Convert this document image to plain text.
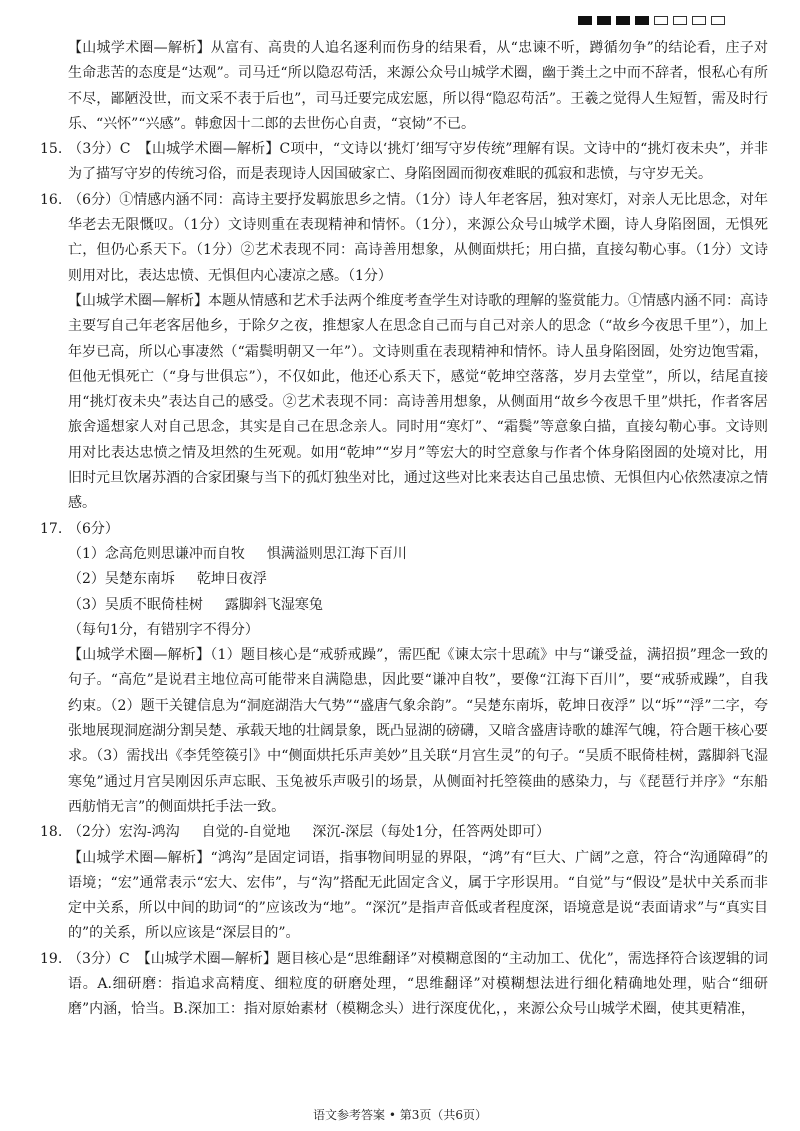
【山城学术圈—解析】从富有、高贵的人追名逐利而伤身的结果看，从“忠谏不听，蹲循勿争”的结论看，庄子对生命悲苦的态度是“达观”。司马迁“所以隐忍苟活，来源公众号山城学术圈，幽于粪土之中而不辞者，恨私心有所不尽，鄙陋没世，而文采不表于后也”，司马迁要完成宏愿，所以得“隐忍苟活”。王羲之觉得人生短暂，需及时行乐、“兴怀”“兴感”。韩愈因十二郎的去世伤心自责，“哀恸”不已。

15. （3分）C　【山城学术圈—解析】C项中，“文诗以‘挑灯’细写守岁传统”理解有误。文诗中的“挑灯夜未央”，并非为了描写守岁的传统习俗，而是表现诗人因国破家亡、身陷囹圄而彻夜难眠的孤寂和悲愤，与守岁无关。

16. （6分）①情感内涵不同：高诗主要抒发羁旅思乡之情。（1分）诗人年老客居，独对寒灯，对亲人无比思念，对年华老去无限慨叹。（1分）文诗则重在表现精神和情怀。（1分），来源公众号山城学术圈，诗人身陷囹圄，无惧死亡，但仍心系天下。（1分）②艺术表现不同：高诗善用想象，从侧面烘托；用白描，直接勾勒心事。（1分）文诗则用对比，表达忠愤、无惧但内心凄凉之感。（1分）

【山城学术圈—解析】本题从情感和艺术手法两个维度考查学生对诗歌的理解的鉴赏能力。①情感内涵不同：高诗主要写自己年老客居他乡，于除夕之夜，推想家人在思念自己而与自己对亲人的思念（“故乡今夜思千里”），加上年岁已高，所以心事凄然（“霜鬓明朝又一年”）。文诗则重在表现精神和情怀。诗人虽身陷囹圄，处穷边饱雪霜，但他无惧死亡（“身与世俱忘”），不仅如此，他还心系天下，感觉“乾坤空落落，岁月去堂堂”，所以，结尾直接用“挑灯夜未央”表达自己的感受。②艺术表现不同：高诗善用想象，从侧面用“故乡今夜思千里”烘托，作者客居旅舍遥想家人对自己思念，其实是自己在思念亲人。同时用“寒灯”、“霜鬓”等意象白描，直接勾勒心事。文诗则用对比表达忠愤之情及坦然的生死观。如用“乾坤”“岁月”等宏大的时空意象与作者个体身陷囹圄的处境对比，用旧时元旦饮屠苏酒的合家团聚与当下的孤灯独坐对比，通过这些对比来表达自己虽忠愤、无惧但内心依然凄凉之情感。

17. （6分）

（1）念高危则思谦冲而自牧 惧满溢则思江海下百川

（2）吴楚东南坼 乾坤日夜浮

（3）吴质不眠倚桂树 露脚斜飞湿寒兔

（每句1分，有错别字不得分）

【山城学术圈—解析】（1）题目核心是“戒骄戒躁”，需匹配《谏太宗十思疏》中与“谦受益，满招损”理念一致的句子。“高危”是说君主地位高可能带来自满隐患，因此要“谦冲自牧”，要像“江海下百川”，要“戒骄戒躁”，自我约束。（2）题干关键信息为“洞庭湖浩大气势”“盛唐气象余韵”。“吴楚东南坼，乾坤日夜浮” 以“坼”“浮”二字，夸张地展现洞庭湖分割吴楚、承载天地的壮阔景象，既凸显湖的磅礴，又暗含盛唐诗歌的雄浑气魄，符合题干核心要求。（3）需找出《李凭箜篌引》中“侧面烘托乐声美妙”且关联“月宫生灵”的句子。“吴质不眠倚桂树，露脚斜飞湿寒兔”通过月宫吴刚因乐声忘眠、玉兔被乐声吸引的场景，从侧面衬托箜篌曲的感染力，与《琵琶行并序》“东船西舫悄无言”的侧面烘托手法一致。

18. （2分）宏沟-鸿沟 自觉的-自觉地 深沉-深层（每处1分，任答两处即可）

【山城学术圈—解析】“鸿沟”是固定词语，指事物间明显的界限，“鸿”有“巨大、广阔”之意，符合“沟通障碍”的语境；“宏”通常表示“宏大、宏伟”，与“沟”搭配无此固定含义，属于字形误用。“自觉”与“假设”是状中关系而非定中关系，所以中间的助词“的”应该改为“地”。“深沉”是指声音低或者程度深，语境意是说“表面请求”与“真实目的”的关系，所以应该是“深层目的”。

19. （3分）C　【山城学术圈—解析】题目核心是“思维翻译”对模糊意图的“主动加工、优化”，需选择符合该逻辑的词语。A.细研磨：指追求高精度、细粒度的研磨处理，“思维翻译”对模糊想法进行细化精确地处理，贴合“细研磨”内涵，恰当。B.深加工：指对原始素材（模糊念头）进行深度优化，，来源公众号山城学术圈，使其更精准，

语文参考答案 • 第3页（共6页）
